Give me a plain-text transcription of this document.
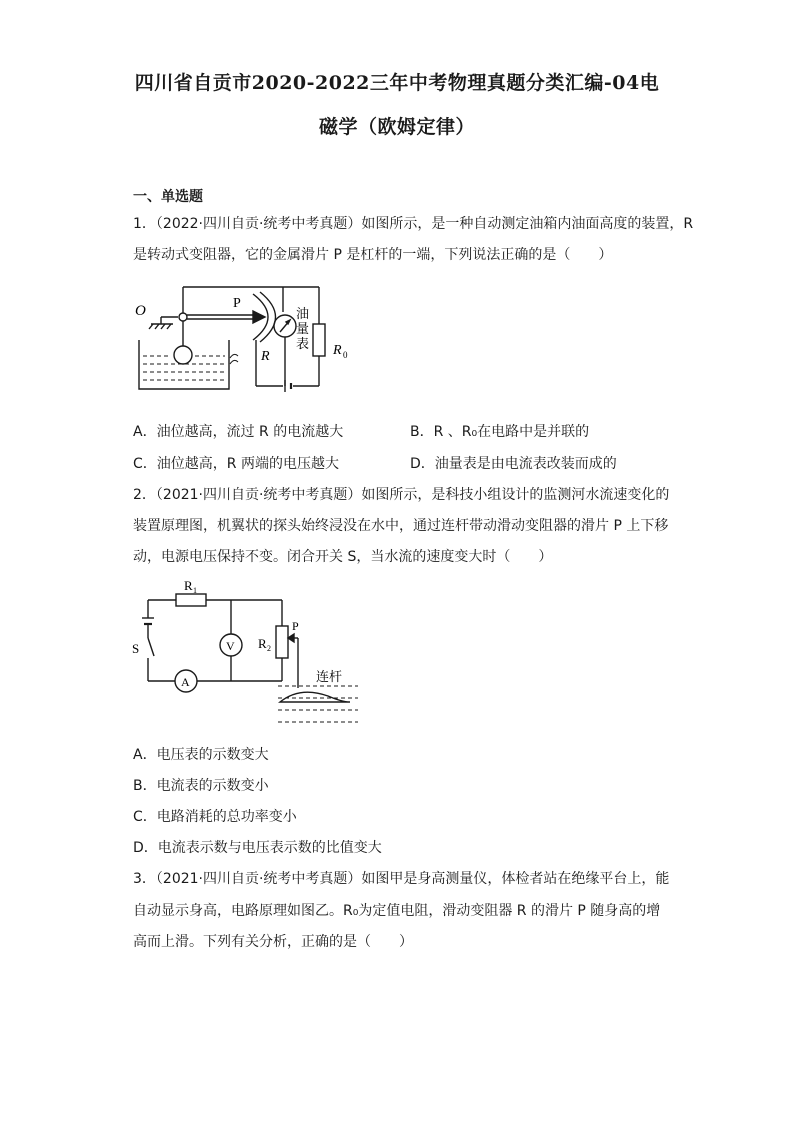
四川省自贡市2020-2022三年中考物理真题分类汇编-04电
磁学（欧姆定律）
一、单选题
1．（2022·四川自贡·统考中考真题）如图所示，是一种自动测定油箱内油面高度的装置，R
是转动式变阻器，它的金属滑片 P 是杠杆的一端，下列说法正确的是（　　）
O	P
R	R 0
油
量
表
A．油位越高，流过 R 的电流越大	B．R 、R₀在电路中是并联的
C．油位越高，R 两端的电压越大	D．油量表是由电流表改装而成的
2．（2021·四川自贡·统考中考真题）如图所示，是科技小组设计的监测河水流速变化的
装置原理图，机翼状的探头始终浸没在水中，通过连杆带动滑动变阻器的滑片 P 上下移
动，电源电压保持不变。闭合开关 S，当水流的速度变大时（　　）
R 1
V R 2
P
S
A	连杆
A．电压表的示数变大
B．电流表的示数变小
C．电路消耗的总功率变小
D．电流表示数与电压表示数的比值变大
3．（2021·四川自贡·统考中考真题）如图甲是身高测量仪，体检者站在绝缘平台上，能
自动显示身高，电路原理如图乙。R₀为定值电阻，滑动变阻器 R 的滑片 P 随身高的增
高而上滑。下列有关分析，正确的是（　　）
